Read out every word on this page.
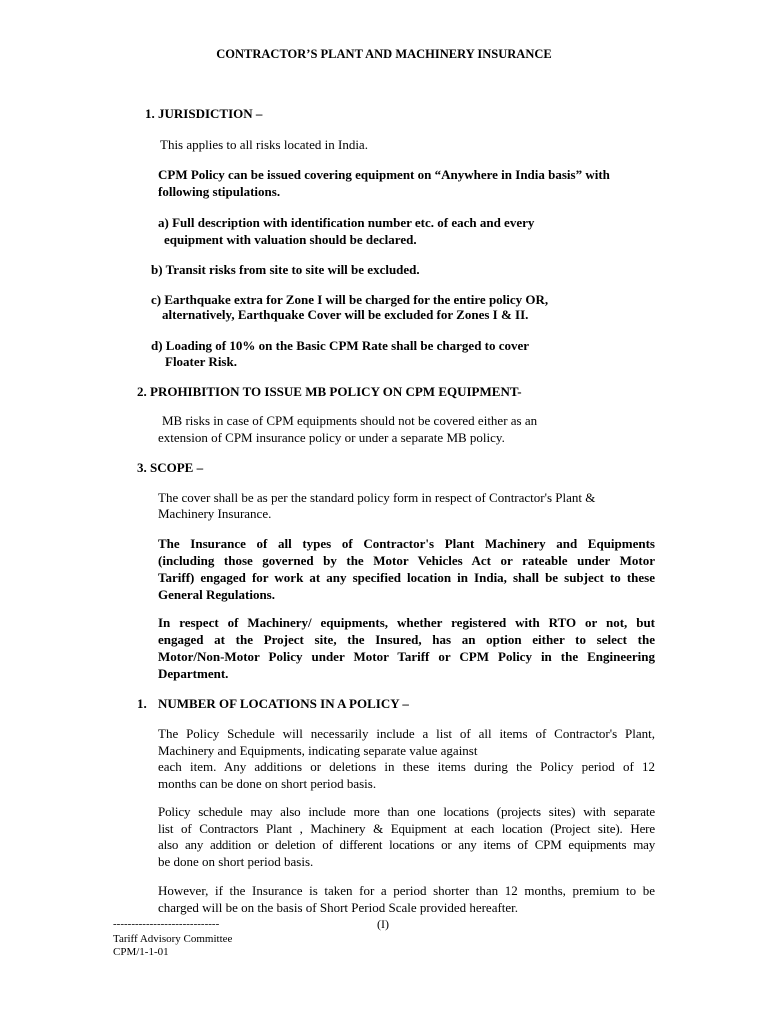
CONTRACTOR’S PLANT AND MACHINERY INSURANCE
1. JURISDICTION –
This applies to all risks located in India.
CPM Policy can be issued covering equipment on “Anywhere in India basis” with
following stipulations.
a) Full description with identification number etc. of each and every
equipment with valuation should be declared.
b) Transit risks from site to site will be excluded.
c) Earthquake extra for Zone I will be charged for the entire policy OR,
alternatively, Earthquake Cover will be excluded for Zones I & II.
d) Loading of 10% on the Basic CPM Rate shall be charged to cover
Floater Risk.
2. PROHIBITION TO ISSUE MB POLICY ON CPM EQUIPMENT-
MB risks in case of CPM equipments should not be covered either as an
extension of CPM insurance policy or under a separate MB policy.
3. SCOPE –
The cover shall be as per the standard policy form in respect of Contractor's Plant &
Machinery Insurance.
The Insurance of all types of Contractor's Plant Machinery and Equipments
(including those governed by the Motor Vehicles Act or rateable under Motor
Tariff) engaged for work at any specified location in India, shall be subject to these
General Regulations.
In respect of Machinery/ equipments, whether registered with RTO or not, but
engaged at the Project site, the Insured, has an option either to select the
Motor/Non-Motor Policy under Motor Tariff or CPM Policy in the Engineering
Department.
1. NUMBER OF LOCATIONS IN A POLICY –
The Policy Schedule will necessarily include a list of all items of Contractor's Plant,
Machinery and Equipments, indicating separate value against
each item. Any additions or deletions in these items during the Policy period of 12
months can be done on short period basis.
Policy schedule may also include more than one locations (projects sites) with separate
list of Contractors Plant , Machinery & Equipment at each location (Project site). Here
also any addition or deletion of different locations or any items of CPM equipments may
be done on short period basis.
However, if the Insurance is taken for a period shorter than 12 months, premium to be
charged will be on the basis of Short Period Scale provided hereafter.
-----------------------------	(I)
Tariff Advisory Committee
CPM/1-1-01
